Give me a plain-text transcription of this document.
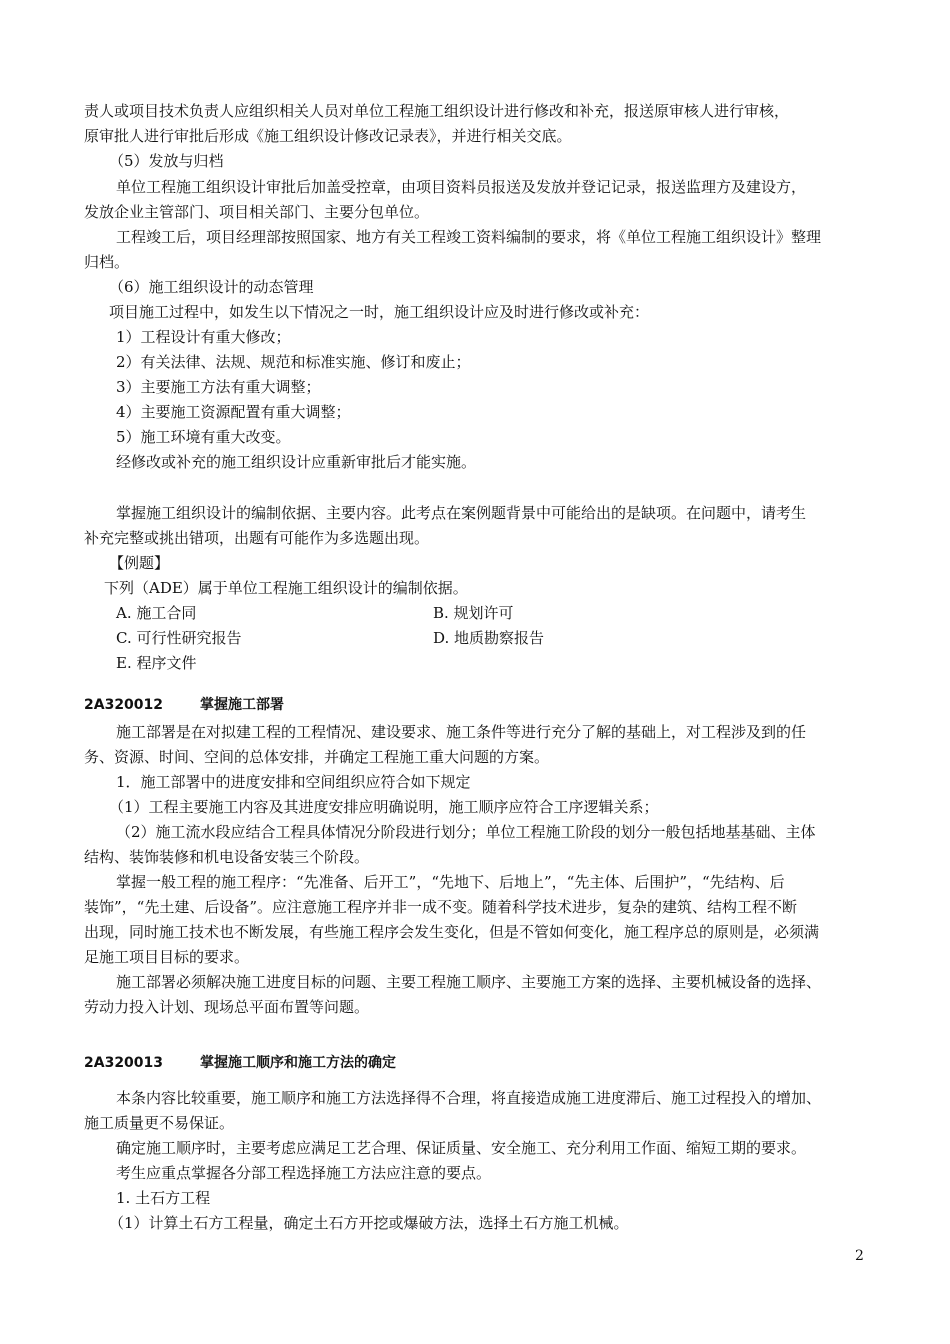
责人或项目技术负责人应组织相关人员对单位工程施工组织设计进行修改和补充，报送原审核人进行审核，
原审批人进行审批后形成《施工组织设计修改记录表》，并进行相关交底。
（5）发放与归档
单位工程施工组织设计审批后加盖受控章，由项目资料员报送及发放并登记记录，报送监理方及建设方，
发放企业主管部门、项目相关部门、主要分包单位。
工程竣工后，项目经理部按照国家、地方有关工程竣工资料编制的要求，将《单位工程施工组织设计》整理
归档。
（6）施工组织设计的动态管理
项目施工过程中，如发生以下情况之一时，施工组织设计应及时进行修改或补充：
1）工程设计有重大修改；
2）有关法律、法规、规范和标准实施、修订和废止；
3）主要施工方法有重大调整；
4）主要施工资源配置有重大调整；
5）施工环境有重大改变。
经修改或补充的施工组织设计应重新审批后才能实施。
掌握施工组织设计的编制依据、主要内容。此考点在案例题背景中可能给出的是缺项。在问题中，请考生
补充完整或挑出错项，出题有可能作为多选题出现。
【例题】
下列（ADE）属于单位工程施工组织设计的编制依据。
A. 施工合同	B. 规划许可
C. 可行性研究报告	D. 地质勘察报告
E. 程序文件
2A320012	掌握施工部署
施工部署是在对拟建工程的工程情况、建设要求、施工条件等进行充分了解的基础上，对工程涉及到的任
务、资源、时间、空间的总体安排，并确定工程施工重大问题的方案。
1．施工部署中的进度安排和空间组织应符合如下规定
（1）工程主要施工内容及其进度安排应明确说明，施工顺序应符合工序逻辑关系；
（2）施工流水段应结合工程具体情况分阶段进行划分；单位工程施工阶段的划分一般包括地基基础、主体
结构、装饰装修和机电设备安装三个阶段。
掌握一般工程的施工程序：“先准备、后开工”，“先地下、后地上”，“先主体、后围护”，“先结构、后
装饰”，“先土建、后设备”。应注意施工程序并非一成不变。随着科学技术进步，复杂的建筑、结构工程不断
出现，同时施工技术也不断发展，有些施工程序会发生变化，但是不管如何变化，施工程序总的原则是，必须满
足施工项目目标的要求。
施工部署必须解决施工进度目标的问题、主要工程施工顺序、主要施工方案的选择、主要机械设备的选择、
劳动力投入计划、现场总平面布置等问题。
2A320013	掌握施工顺序和施工方法的确定
本条内容比较重要，施工顺序和施工方法选择得不合理，将直接造成施工进度滞后、施工过程投入的增加、
施工质量更不易保证。
确定施工顺序时，主要考虑应满足工艺合理、保证质量、安全施工、充分利用工作面、缩短工期的要求。
考生应重点掌握各分部工程选择施工方法应注意的要点。
1. 土石方工程
（1）计算土石方工程量，确定土石方开挖或爆破方法，选择土石方施工机械。
2
